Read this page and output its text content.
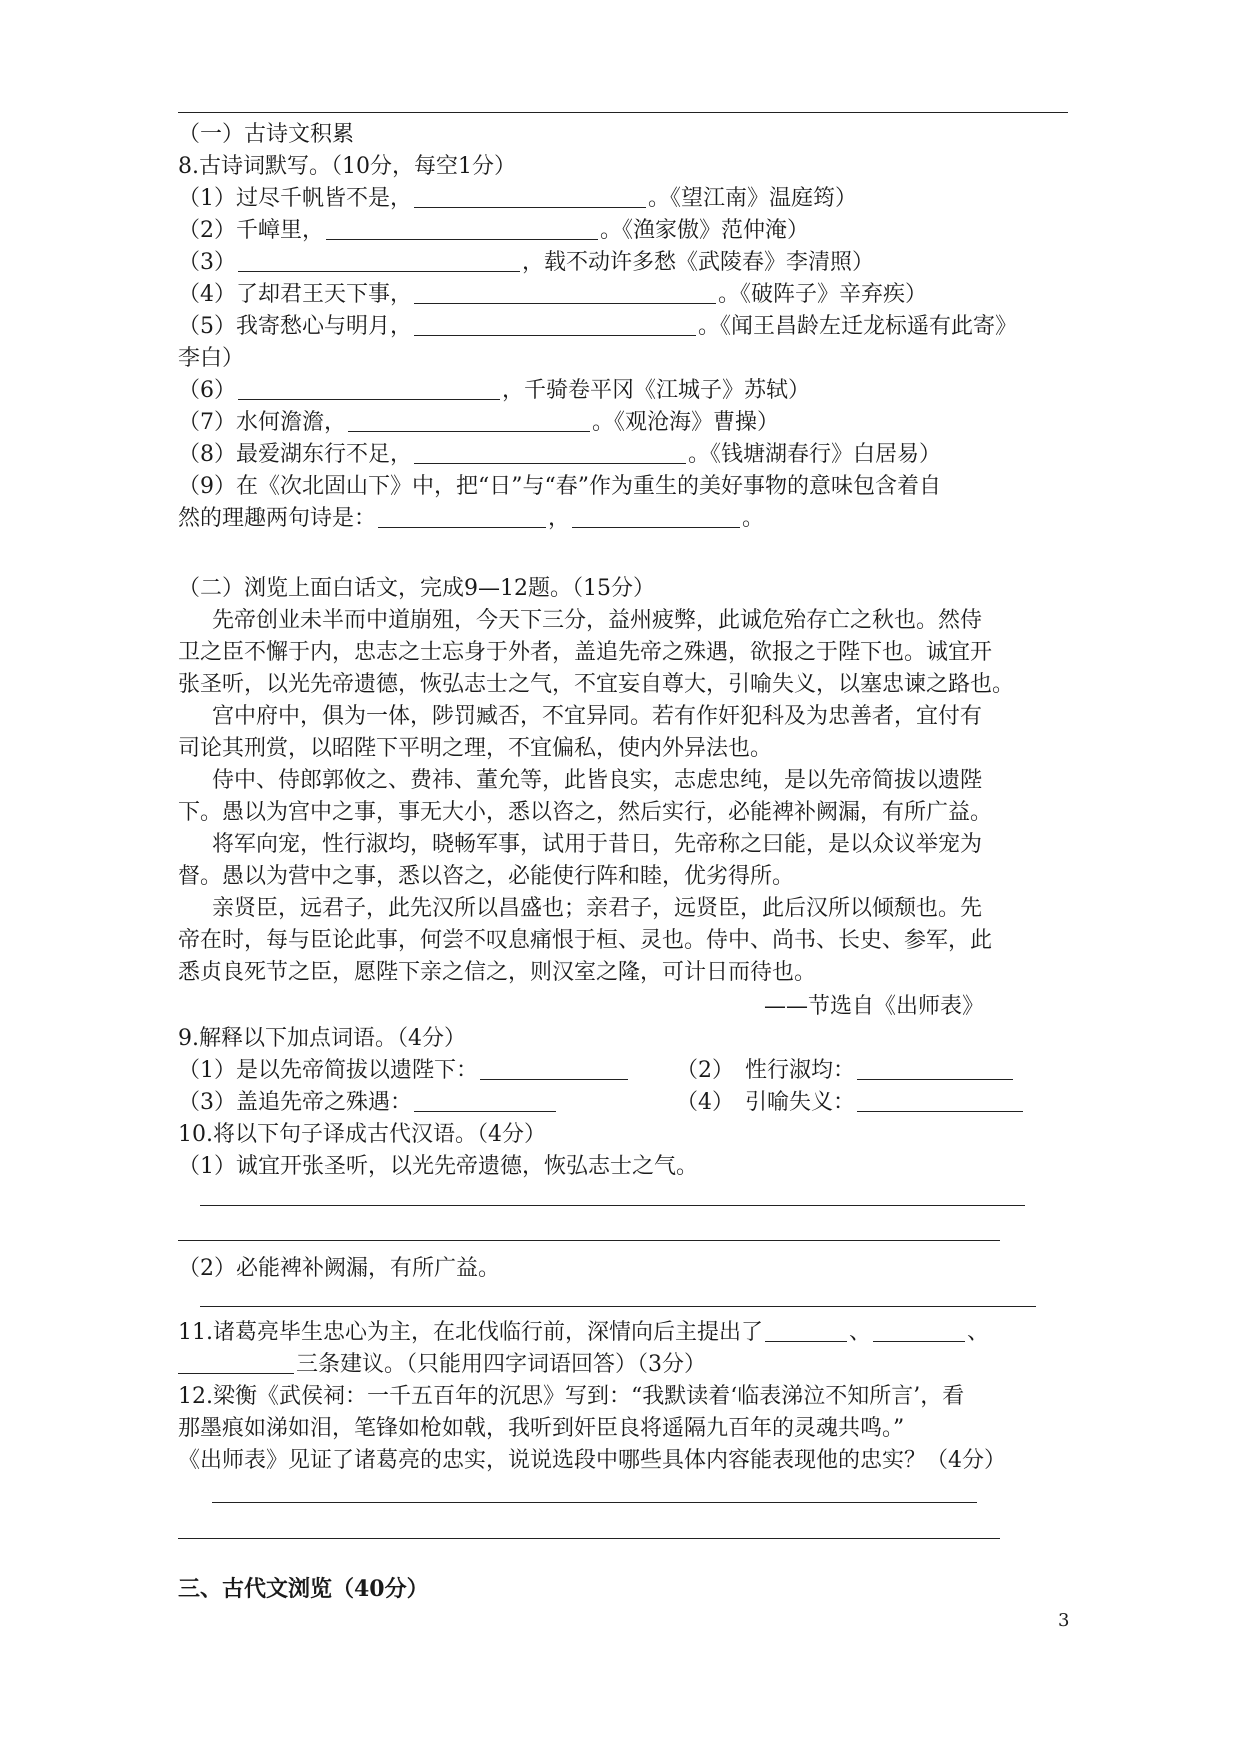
（一）古诗文积累
8.古诗词默写。（10分，每空1分）
（1）过尽千帆皆不是，	。《望江南》温庭筠）
（2）千嶂里，	。《渔家傲》范仲淹）
（3）	，载不动许多愁《武陵春》李清照）
（4）了却君王天下事，	。《破阵子》辛弃疾）
（5）我寄愁心与明月，	。《闻王昌龄左迁龙标遥有此寄》
李白）
（6）	，千骑卷平冈《江城子》苏轼）
（7）水何澹澹，	。《观沧海》曹操）
（8）最爱湖东行不足，	。《钱塘湖春行》白居易）
（9）在《次北固山下》中，把“日”与“春”作为重生的美好事物的意味包含着自
然的理趣两句诗是：	，	。
（二）浏览上面白话文，完成9—12题。（15分）
先帝创业未半而中道崩殂，今天下三分，益州疲弊，此诚危殆存亡之秋也。然侍
卫之臣不懈于内，忠志之士忘身于外者，盖追先帝之殊遇，欲报之于陛下也。诚宜开
张圣听，以光先帝遗德，恢弘志士之气，不宜妄自尊大，引喻失义，以塞忠谏之路也。
宫中府中，俱为一体，陟罚臧否，不宜异同。若有作奸犯科及为忠善者，宜付有
司论其刑赏，以昭陛下平明之理，不宜偏私，使内外异法也。
侍中、侍郎郭攸之、费祎、董允等，此皆良实，志虑忠纯，是以先帝简拔以遗陛
下。愚以为宫中之事，事无大小，悉以咨之，然后实行，必能裨补阙漏，有所广益。
将军向宠，性行淑均，晓畅军事，试用于昔日，先帝称之曰能，是以众议举宠为
督。愚以为营中之事，悉以咨之，必能使行阵和睦，优劣得所。
亲贤臣，远君子，此先汉所以昌盛也；亲君子，远贤臣，此后汉所以倾颓也。先
帝在时，每与臣论此事，何尝不叹息痛恨于桓、灵也。侍中、尚书、长史、参军，此
悉贞良死节之臣，愿陛下亲之信之，则汉室之隆，可计日而待也。
——节选自《出师表》
9.解释以下加点词语。（4分）
（1）是以先帝简拔以遗陛下：	（2）　性行淑均：
（3）盖追先帝之殊遇：	（4）　引喻失义：
10.将以下句子译成古代汉语。（4分）
（1）诚宜开张圣听，以光先帝遗德，恢弘志士之气。
（2）必能裨补阙漏，有所广益。
11.诸葛亮毕生忠心为主，在北伐临行前，深情向后主提出了	、	、
三条建议。（只能用四字词语回答）（3分）
12.梁衡《武侯祠：一千五百年的沉思》写到：“我默读着‘临表涕泣不知所言’，看
那墨痕如涕如泪，笔锋如枪如戟，我听到奸臣良将遥隔九百年的灵魂共鸣。”
《出师表》见证了诸葛亮的忠实，说说选段中哪些具体内容能表现他的忠实？（4分）
三、古代文浏览（40分）
3
